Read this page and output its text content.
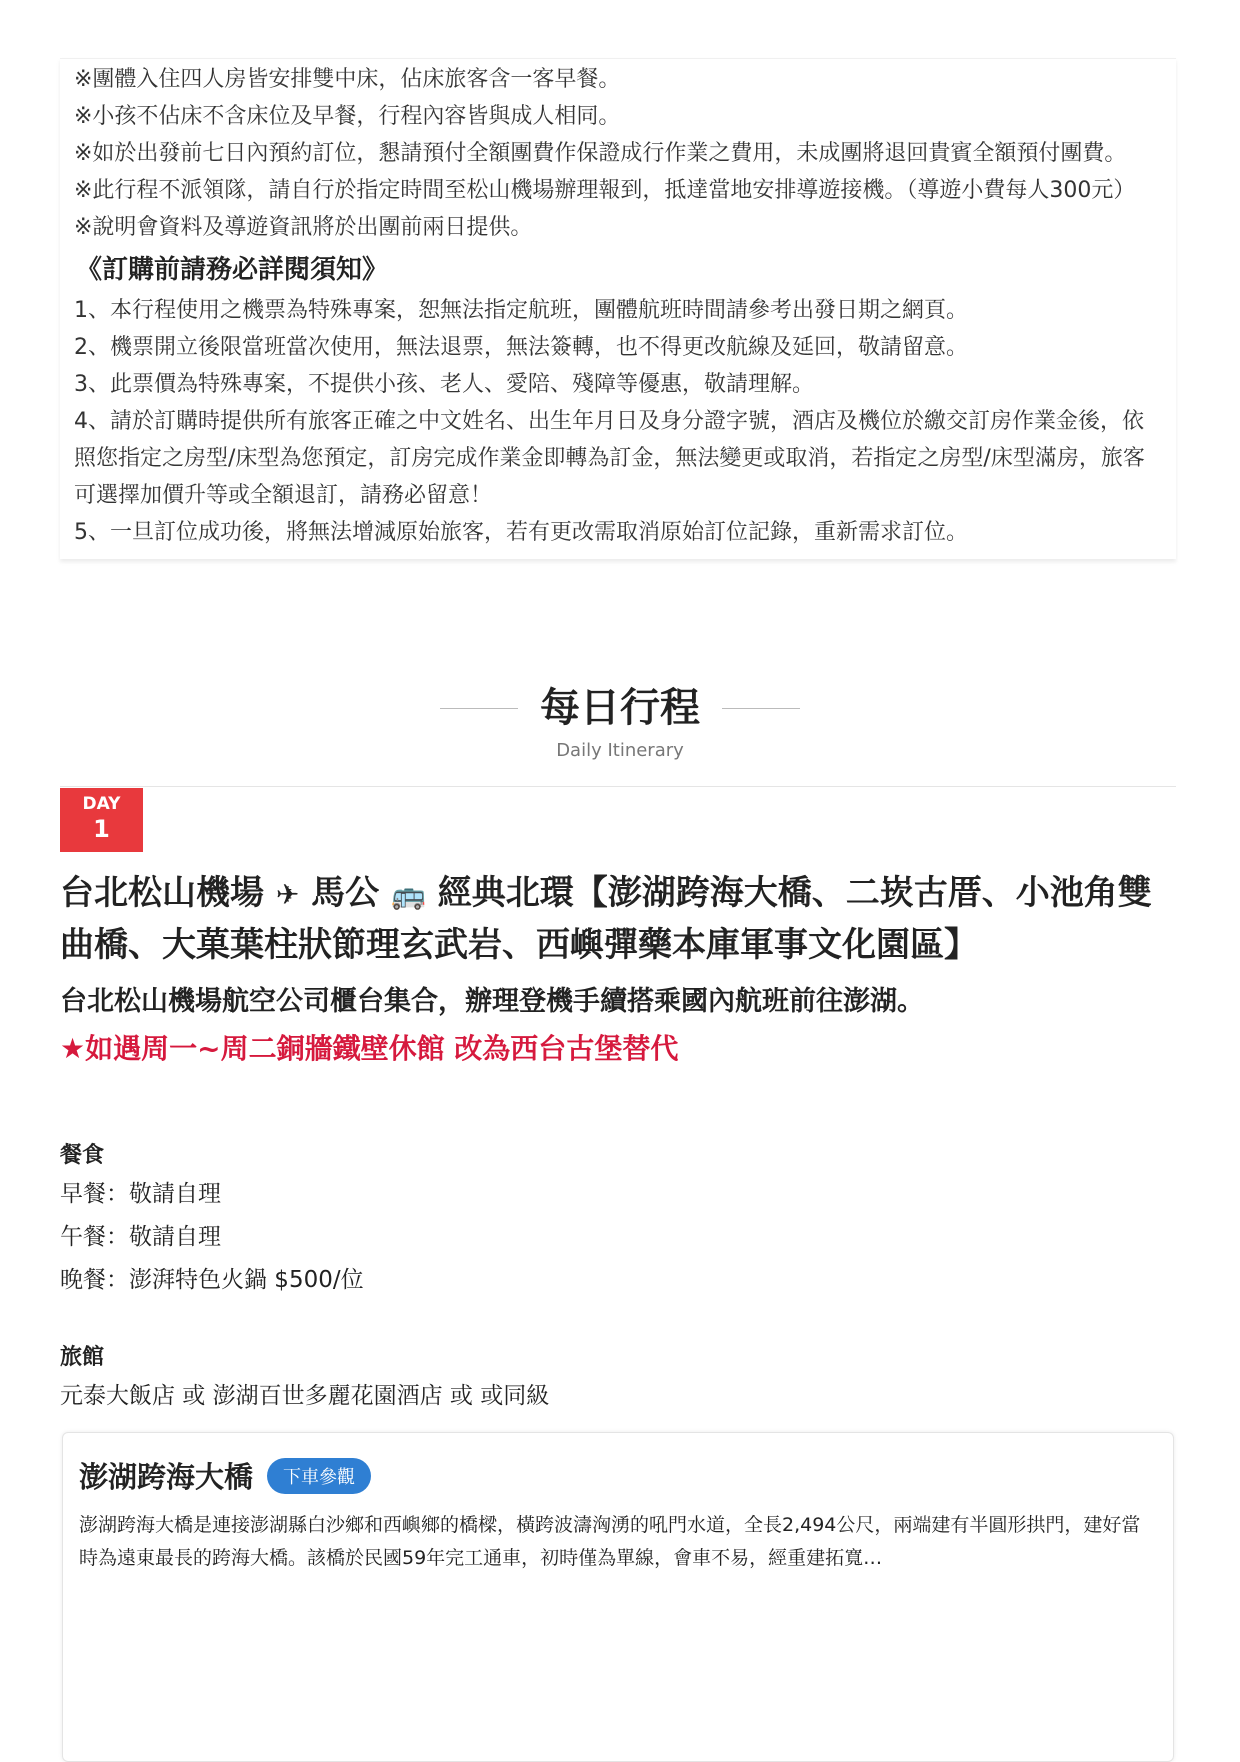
※團體入住四人房皆安排雙中床，佔床旅客含一客早餐。

※小孩不佔床不含床位及早餐，行程內容皆與成人相同。

※如於出發前七日內預約訂位，懇請預付全額團費作保證成行作業之費用，未成團將退回貴賓全額預付團費。

※此行程不派領隊，請自行於指定時間至松山機場辦理報到，抵達當地安排導遊接機。（導遊小費每人300元）

※說明會資料及導遊資訊將於出團前兩日提供。

《訂購前請務必詳閱須知》

1、本行程使用之機票為特殊專案，恕無法指定航班，團體航班時間請參考出發日期之網頁。

2、機票開立後限當班當次使用，無法退票，無法簽轉，也不得更改航線及延回，敬請留意。

3、此票價為特殊專案，不提供小孩、老人、愛陪、殘障等優惠，敬請理解。

4、請於訂購時提供所有旅客正確之中文姓名、出生年月日及身分證字號，酒店及機位於繳交訂房作業金後，依照您指定之房型/床型為您預定，訂房完成作業金即轉為訂金，無法變更或取消，若指定之房型/床型滿房，旅客可選擇加價升等或全額退訂，請務必留意！

5、一旦訂位成功後，將無法增減原始旅客，若有更改需取消原始訂位記錄，重新需求訂位。

每日行程
Daily Itinerary
DAY
1
台北松山機場 ✈ 馬公 🚌 經典北環【澎湖跨海大橋、二崁古厝、小池角雙曲橋、大菓葉柱狀節理玄武岩、西嶼彈藥本庫軍事文化園區】
台北松山機場航空公司櫃台集合，辦理登機手續搭乘國內航班前往澎湖。
★如遇周一~周二銅牆鐵壁休館 改為西台古堡替代
餐食
早餐：敬請自理
午餐：敬請自理
晚餐：澎湃特色火鍋 $500/位
旅館
元泰大飯店 或 澎湖百世多麗花園酒店 或 或同級
澎湖跨海大橋	下車參觀
澎湖跨海大橋是連接澎湖縣白沙鄉和西嶼鄉的橋樑，橫跨波濤洶湧的吼門水道，全長2,494公尺，兩端建有半圓形拱門，建好當時為遠東最長的跨海大橋。該橋於民國59年完工通車，初時僅為單線，會車不易，經重建拓寬…
